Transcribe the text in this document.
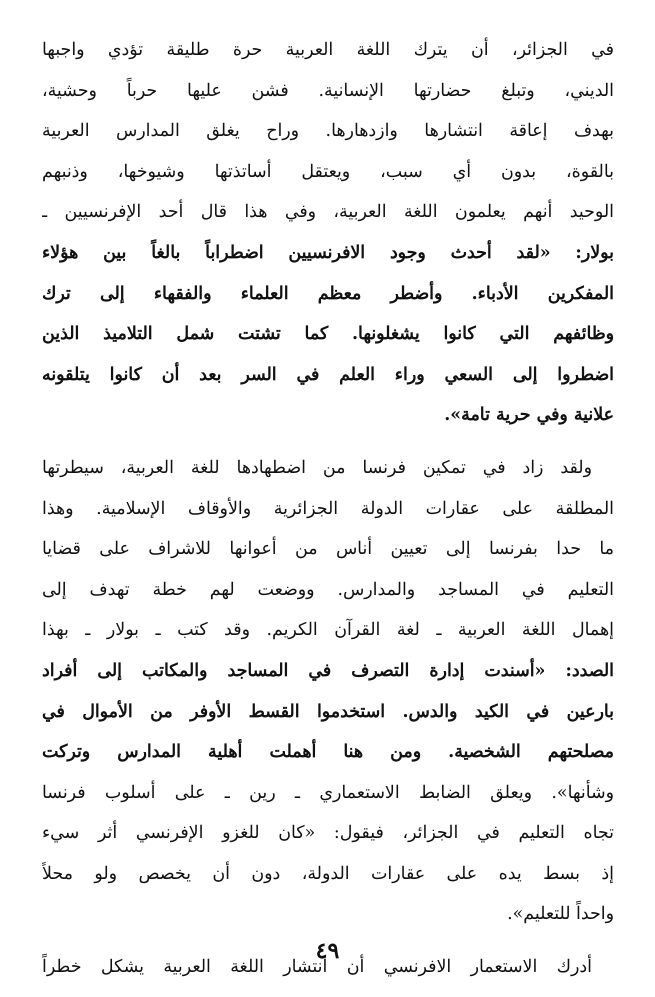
في الجزائر، أن يترك اللغة العربية حرة طليقة تؤدي واجبها
الديني، وتبلغ حضارتها الإنسانية. فشن عليها حرباً وحشية،
بهدف إعاقة انتشارها وازدهارها. وراح يغلق المدارس العربية
بالقوة، بدون أي سبب، ويعتقل أساتذتها وشيوخها، وذنبهم
الوحيد أنهم يعلمون اللغة العربية، وفي هذا قال أحد الإفرنسيين ـ
بولار: «لقد أحدث وجود الافرنسيين اضطراباً بالغاً بين هؤلاء
المفكرين الأدباء. وأضطر معظم العلماء والفقهاء إلى ترك
وظائفهم التي كانوا يشغلونها. كما تشتت شمل التلاميذ الذين
اضطروا إلى السعي وراء العلم في السر بعد أن كانوا يتلقونه
علانية وفي حرية تامة».
ولقد زاد في تمكين فرنسا من اضطهادها للغة العربية، سيطرتها
المطلقة على عقارات الدولة الجزائرية والأوقاف الإسلامية. وهذا
ما حدا بفرنسا إلى تعيين أناس من أعوانها للاشراف على قضايا
التعليم في المساجد والمدارس. ووضعت لهم خطة تهدف إلى
إهمال اللغة العربية ـ لغة القرآن الكريم. وقد كتب ـ بولار ـ بهذا
الصدد: «أسندت إدارة التصرف في المساجد والمكاتب إلى أفراد
بارعين في الكيد والدس. استخدموا القسط الأوفر من الأموال في
مصلحتهم الشخصية. ومن هنا أهملت أهلية المدارس وتركت
وشأنها». ويعلق الضابط الاستعماري ـ رين ـ على أسلوب فرنسا
تجاه التعليم في الجزائر، فيقول: «كان للغزو الإفرنسي أثر سيء
إذ بسط يده على عقارات الدولة، دون أن يخصص ولو محلاً
واحداً للتعليم».
أدرك الاستعمار الافرنسي أن انتشار اللغة العربية يشكل خطراً
٤٩
